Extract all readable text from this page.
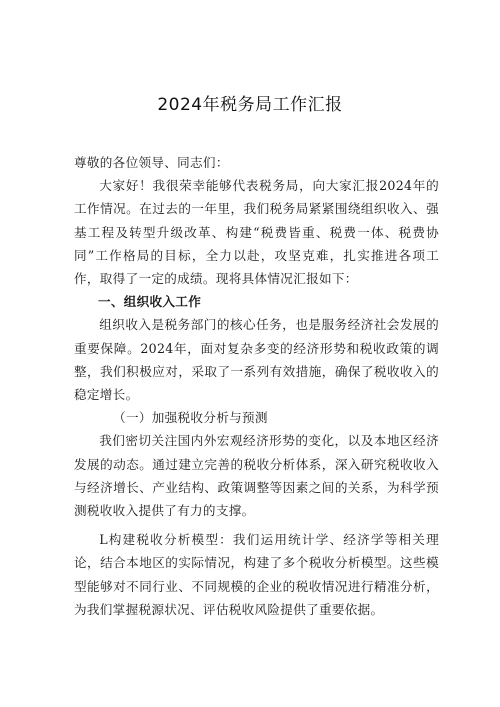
2024年税务局工作汇报

尊敬的各位领导、同志们：

大家好！我很荣幸能够代表税务局，向大家汇报2024年的工作情况。在过去的一年里，我们税务局紧紧围绕组织收入、强基工程及转型升级改革、构建“税费皆重、税费一体、税费协同”工作格局的目标，全力以赴，攻坚克难，扎实推进各项工作，取得了一定的成绩。现将具体情况汇报如下：

一、组织收入工作

组织收入是税务部门的核心任务，也是服务经济社会发展的重要保障。2024年，面对复杂多变的经济形势和税收政策的调整，我们积极应对，采取了一系列有效措施，确保了税收收入的稳定增长。

（一）加强税收分析与预测

我们密切关注国内外宏观经济形势的变化，以及本地区经济发展的动态。通过建立完善的税收分析体系，深入研究税收收入与经济增长、产业结构、政策调整等因素之间的关系，为科学预测税收收入提供了有力的支撑。

L构建税收分析模型：我们运用统计学、经济学等相关理论，结合本地区的实际情况，构建了多个税收分析模型。这些模型能够对不同行业、不同规模的企业的税收情况进行精准分析，为我们掌握税源状况、评估税收风险提供了重要依据。
